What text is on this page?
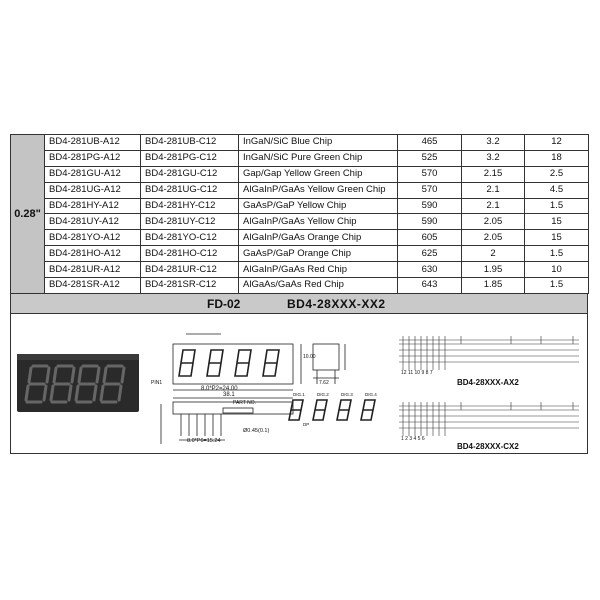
0.28"	BD4-281UB-A12	BD4-281UB-C12	InGaN/SiC Blue Chip	465	3.2	12
	BD4-281PG-A12	BD4-281PG-C12	InGaN/SiC Pure Green Chip	525	3.2	18
	BD4-281GU-A12	BD4-281GU-C12	Gap/Gap Yellow Green Chip	570	2.15	2.5
	BD4-281UG-A12	BD4-281UG-C12	AlGaInP/GaAs Yellow Green Chip	570	2.1	4.5
	BD4-281HY-A12	BD4-281HY-C12	GaAsP/GaP Yellow Chip	590	2.1	1.5
	BD4-281UY-A12	BD4-281UY-C12	AlGaInP/GaAs Yellow Chip	590	2.05	15
	BD4-281YO-A12	BD4-281YO-C12	AlGaInP/GaAs Orange Chip	605	2.05	15
	BD4-281HO-A12	BD4-281HO-C12	GaAsP/GaP Orange Chip	625	2	1.5
	BD4-281UR-A12	BD4-281UR-C12	AlGaInP/GaAs Red Chip	630	1.95	10
	BD4-281SR-A12	BD4-281SR-C12	AlGaAs/GaAs Red Chip	643	1.85	1.5
FD-02	BD4-28XXX-XX2
8.0*P2=24.00
38.1
10.00
7.62
8.0*P6=15.24
Ø0.45(0.1)
PART NO.
PIN1
DP
DIG.1	DIG.2	DIG.3	DIG.4
12 11 10 9 8 7
1 2 3 4 5 6
BD4-28XXX-AX2
BD4-28XXX-CX2
